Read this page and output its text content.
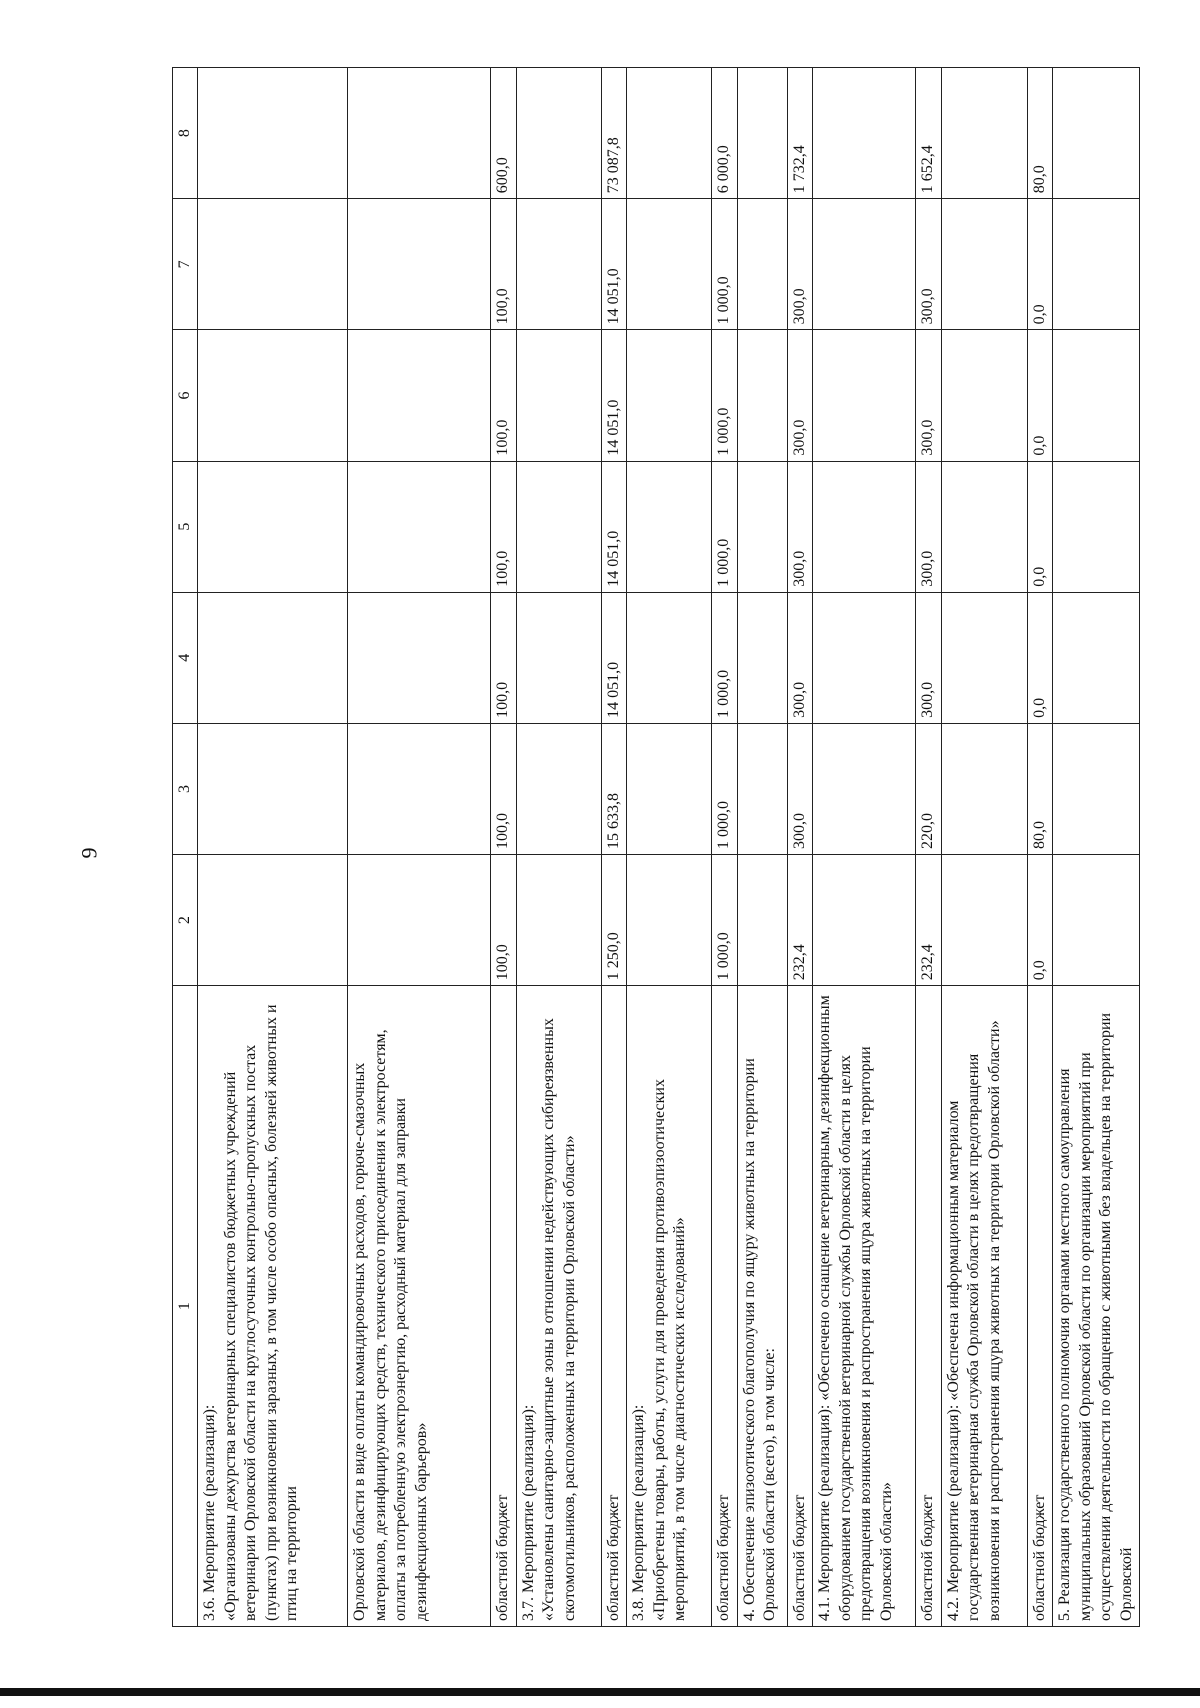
9
1	2	3	4	5	6	7	8
3.6. Мероприятие (реализация):
«Организованы дежурства ветеринарных специалистов бюджетных учреждений ветеринарии Орловской области на круглосуточных контрольно-пропускных постах (пунктах) при возникновении заразных, в том числе особо опасных, болезней животных и птиц на территории							
Орловской области в виде оплаты командировочных расходов, горюче-смазочных материалов, дезинфицирующих средств, технического присоединения к электросетям, оплаты за потребленную электроэнергию, расходный материал для заправки дезинфекционных барьеров»							
областной бюджет	100,0	100,0	100,0	100,0	100,0	100,0	600,0
3.7. Мероприятие (реализация):
«Установлены санитарно-защитные зоны в отношении недействующих сибиреязвенных скотомогильников, расположенных на территории Орловской области»							
областной бюджет	1 250,0	15 633,8	14 051,0	14 051,0	14 051,0	14 051,0	73 087,8
3.8. Мероприятие (реализация):
«Приобретены товары, работы, услуги для проведения противоэпизоотических мероприятий, в том числе диагностических исследований»							
областной бюджет	1 000,0	1 000,0	1 000,0	1 000,0	1 000,0	1 000,0	6 000,0
4. Обеспечение эпизоотического благополучия по ящуру животных на территории Орловской области (всего), в том числе:							
областной бюджет	232,4	300,0	300,0	300,0	300,0	300,0	1 732,4
4.1. Мероприятие (реализация): «Обеспечено оснащение ветеринарным, дезинфекционным оборудованием государственной ветеринарной службы Орловской области в целях предотвращения возникновения и распространения ящура животных на территории Орловской области»							
областной бюджет	232,4	220,0	300,0	300,0	300,0	300,0	1 652,4
4.2. Мероприятие (реализация): «Обеспечена информационным материалом государственная ветеринарная служба Орловской области в целях предотвращения возникновения и распространения ящура животных на территории Орловской области»							
областной бюджет	0,0	80,0	0,0	0,0	0,0	0,0	80,0
5. Реализация государственного полномочия органами местного самоуправления муниципальных образований Орловской области по организации мероприятий при осуществлении деятельности по обращению с животными без владельцев на территории Орловской							
